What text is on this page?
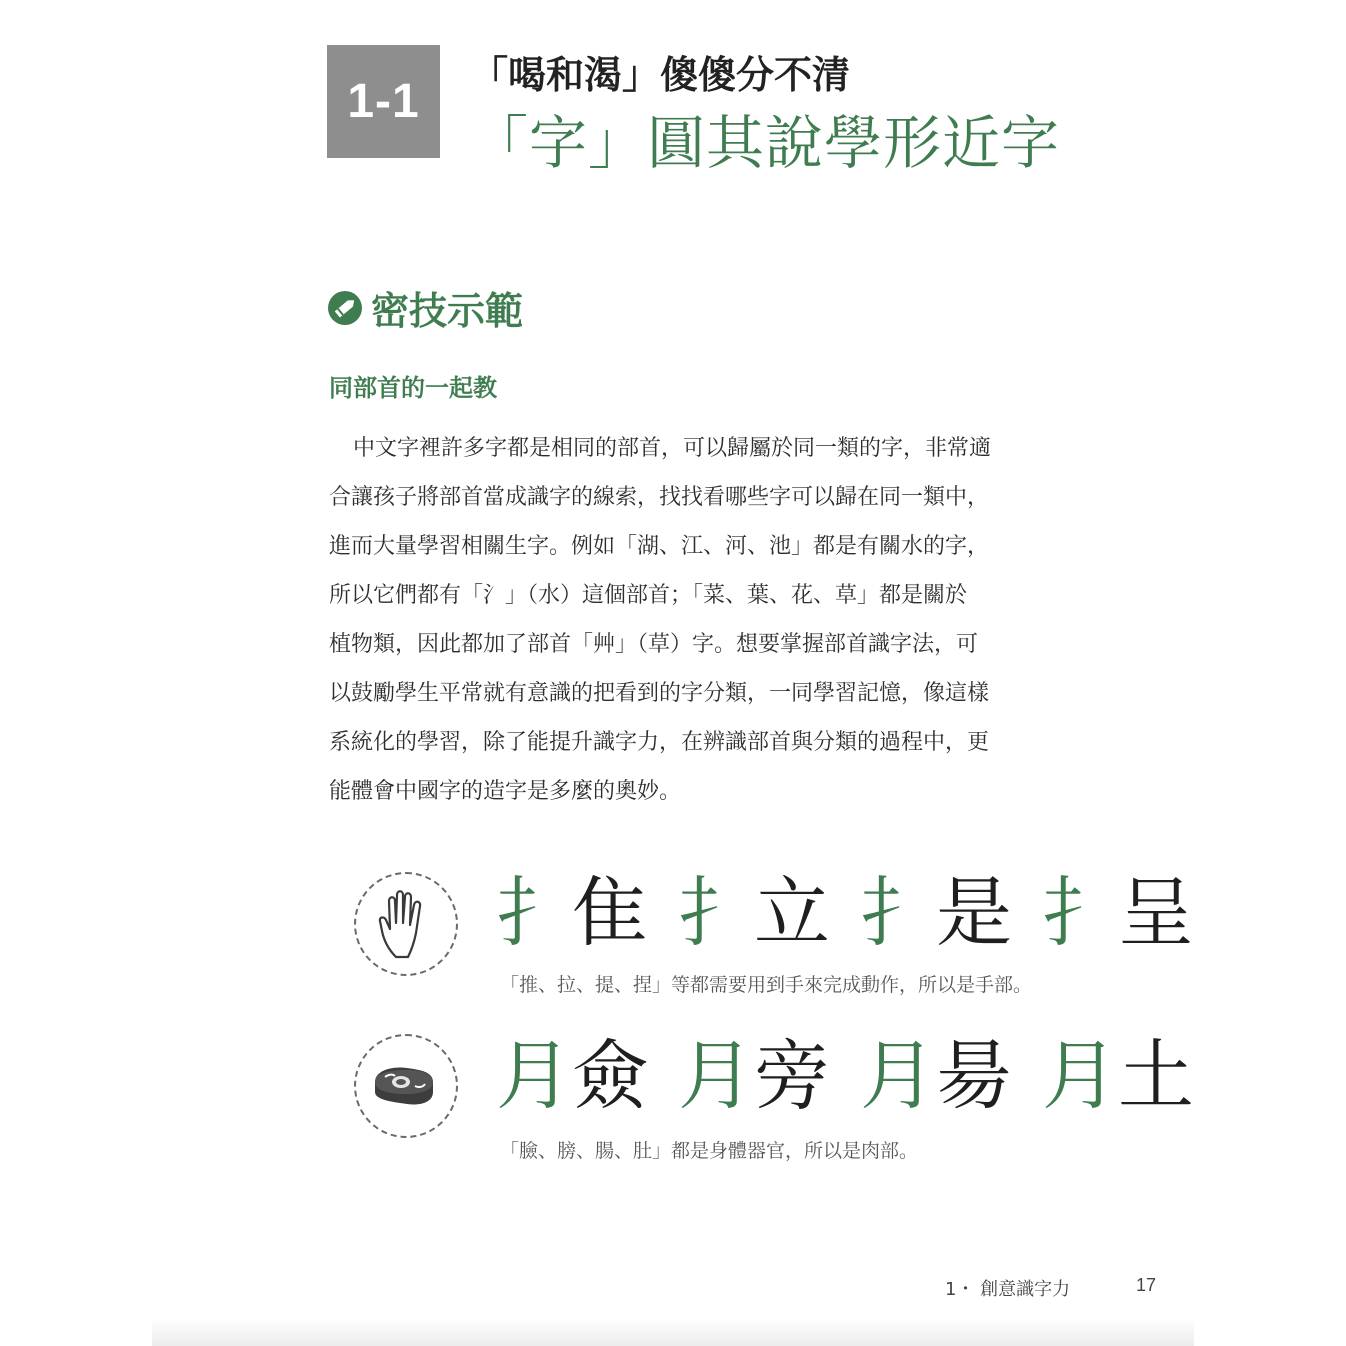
1-1 「喝和渴」傻傻分不清
「字」圓其說學形近字
密技示範
同部首的一起教
中文字裡許多字都是相同的部首，可以歸屬於同一類的字，非常適
合讓孩子將部首當成識字的線索，找找看哪些字可以歸在同一類中，
進而大量學習相關生字。例如「湖、江、河、池」都是有關水的字，
所以它們都有「氵」（水）這個部首；「菜、葉、花、草」都是關於
植物類，因此都加了部首「艸」（草）字。想要掌握部首識字法，可
以鼓勵學生平常就有意識的把看到的字分類，一同學習記憶，像這樣
系統化的學習，除了能提升識字力，在辨識部首與分類的過程中，更
能體會中國字的造字是多麼的奧妙。
扌隹 扌立 扌是 扌呈
「推、拉、提、捏」等都需要用到手來完成動作，所以是手部。
月僉 月旁 月昜 月土
「臉、膀、腸、肚」都是身體器官，所以是肉部。
1・ 創意識字力	17
